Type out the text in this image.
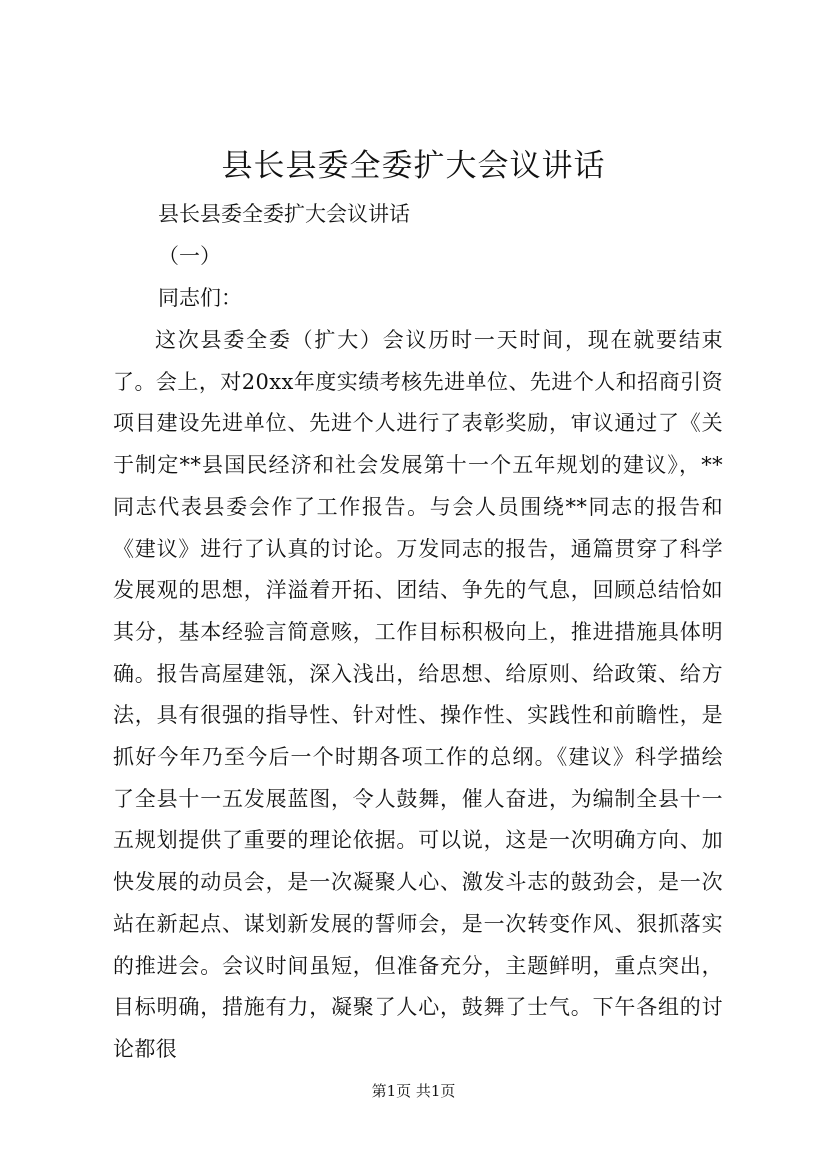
县长县委全委扩大会议讲话
县长县委全委扩大会议讲话
（一）
同志们：

这次县委全委（扩大）会议历时一天时间，现在就要结束了。会上，对20xx年度实绩考核先进单位、先进个人和招商引资项目建设先进单位、先进个人进行了表彰奖励，审议通过了《关于制定**县国民经济和社会发展第十一个五年规划的建议》，**同志代表县委会作了工作报告。与会人员围绕**同志的报告和《建议》进行了认真的讨论。万发同志的报告，通篇贯穿了科学发展观的思想，洋溢着开拓、团结、争先的气息，回顾总结恰如其分，基本经验言简意赅，工作目标积极向上，推进措施具体明确。报告高屋建瓴，深入浅出，给思想、给原则、给政策、给方法，具有很强的指导性、针对性、操作性、实践性和前瞻性，是抓好今年乃至今后一个时期各项工作的总纲。《建议》科学描绘了全县十一五发展蓝图，令人鼓舞，催人奋进，为编制全县十一五规划提供了重要的理论依据。可以说，这是一次明确方向、加快发展的动员会，是一次凝聚人心、激发斗志的鼓劲会，是一次站在新起点、谋划新发展的誓师会，是一次转变作风、狠抓落实的推进会。会议时间虽短，但准备充分，主题鲜明，重点突出，目标明确，措施有力，凝聚了人心，鼓舞了士气。下午各组的讨论都很

第1页 共1页
